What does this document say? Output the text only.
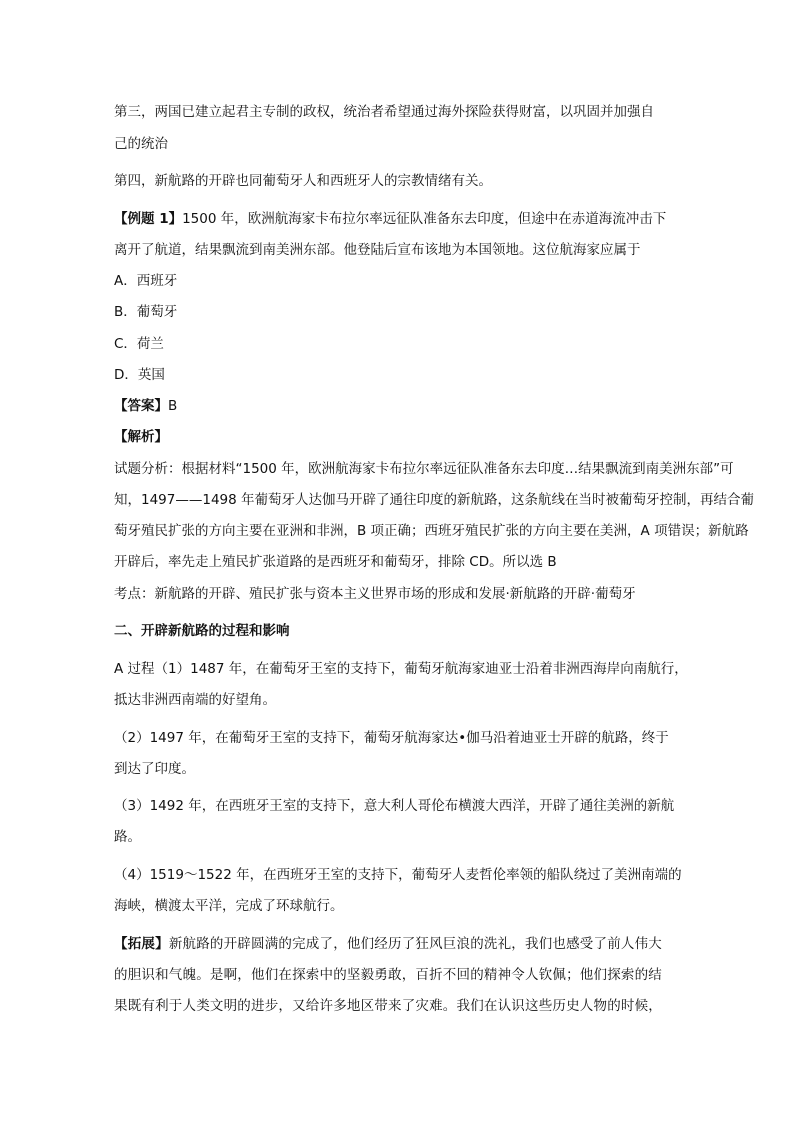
第三，两国已建立起君主专制的政权，统治者希望通过海外探险获得财富，以巩固并加强自
己的统治
第四，新航路的开辟也同葡萄牙人和西班牙人的宗教情绪有关。
【例题 1】1500 年，欧洲航海家卡布拉尔率远征队准备东去印度，但途中在赤道海流冲击下
离开了航道，结果飘流到南美洲东部。他登陆后宣布该地为本国领地。这位航海家应属于
A．西班牙
B．葡萄牙
C．荷兰
D．英国
【答案】B
【解析】
试题分析：根据材料“1500 年，欧洲航海家卡布拉尔率远征队准备东去印度…结果飘流到南美洲东部”可
知，1497——1498 年葡萄牙人达伽马开辟了通往印度的新航路，这条航线在当时被葡萄牙控制，再结合葡
萄牙殖民扩张的方向主要在亚洲和非洲，B 项正确；西班牙殖民扩张的方向主要在美洲，A 项错误；新航路
开辟后，率先走上殖民扩张道路的是西班牙和葡萄牙，排除 CD。所以选 B
考点：新航路的开辟、殖民扩张与资本主义世界市场的形成和发展·新航路的开辟·葡萄牙
二、开辟新航路的过程和影响
A 过程（1）1487 年，在葡萄牙王室的支持下，葡萄牙航海家迪亚士沿着非洲西海岸向南航行，
抵达非洲西南端的好望角。
（2）1497 年，在葡萄牙王室的支持下，葡萄牙航海家达•伽马沿着迪亚士开辟的航路，终于
到达了印度。
（3）1492 年，在西班牙王室的支持下，意大利人哥伦布横渡大西洋，开辟了通往美洲的新航
路。
（4）1519～1522 年，在西班牙王室的支持下，葡萄牙人麦哲伦率领的船队绕过了美洲南端的
海峡，横渡太平洋，完成了环球航行。
【拓展】新航路的开辟圆满的完成了，他们经历了狂风巨浪的洗礼，我们也感受了前人伟大
的胆识和气魄。是啊，他们在探索中的坚毅勇敢，百折不回的精神令人钦佩；他们探索的结
果既有利于人类文明的进步，又给许多地区带来了灾难。我们在认识这些历史人物的时候，
